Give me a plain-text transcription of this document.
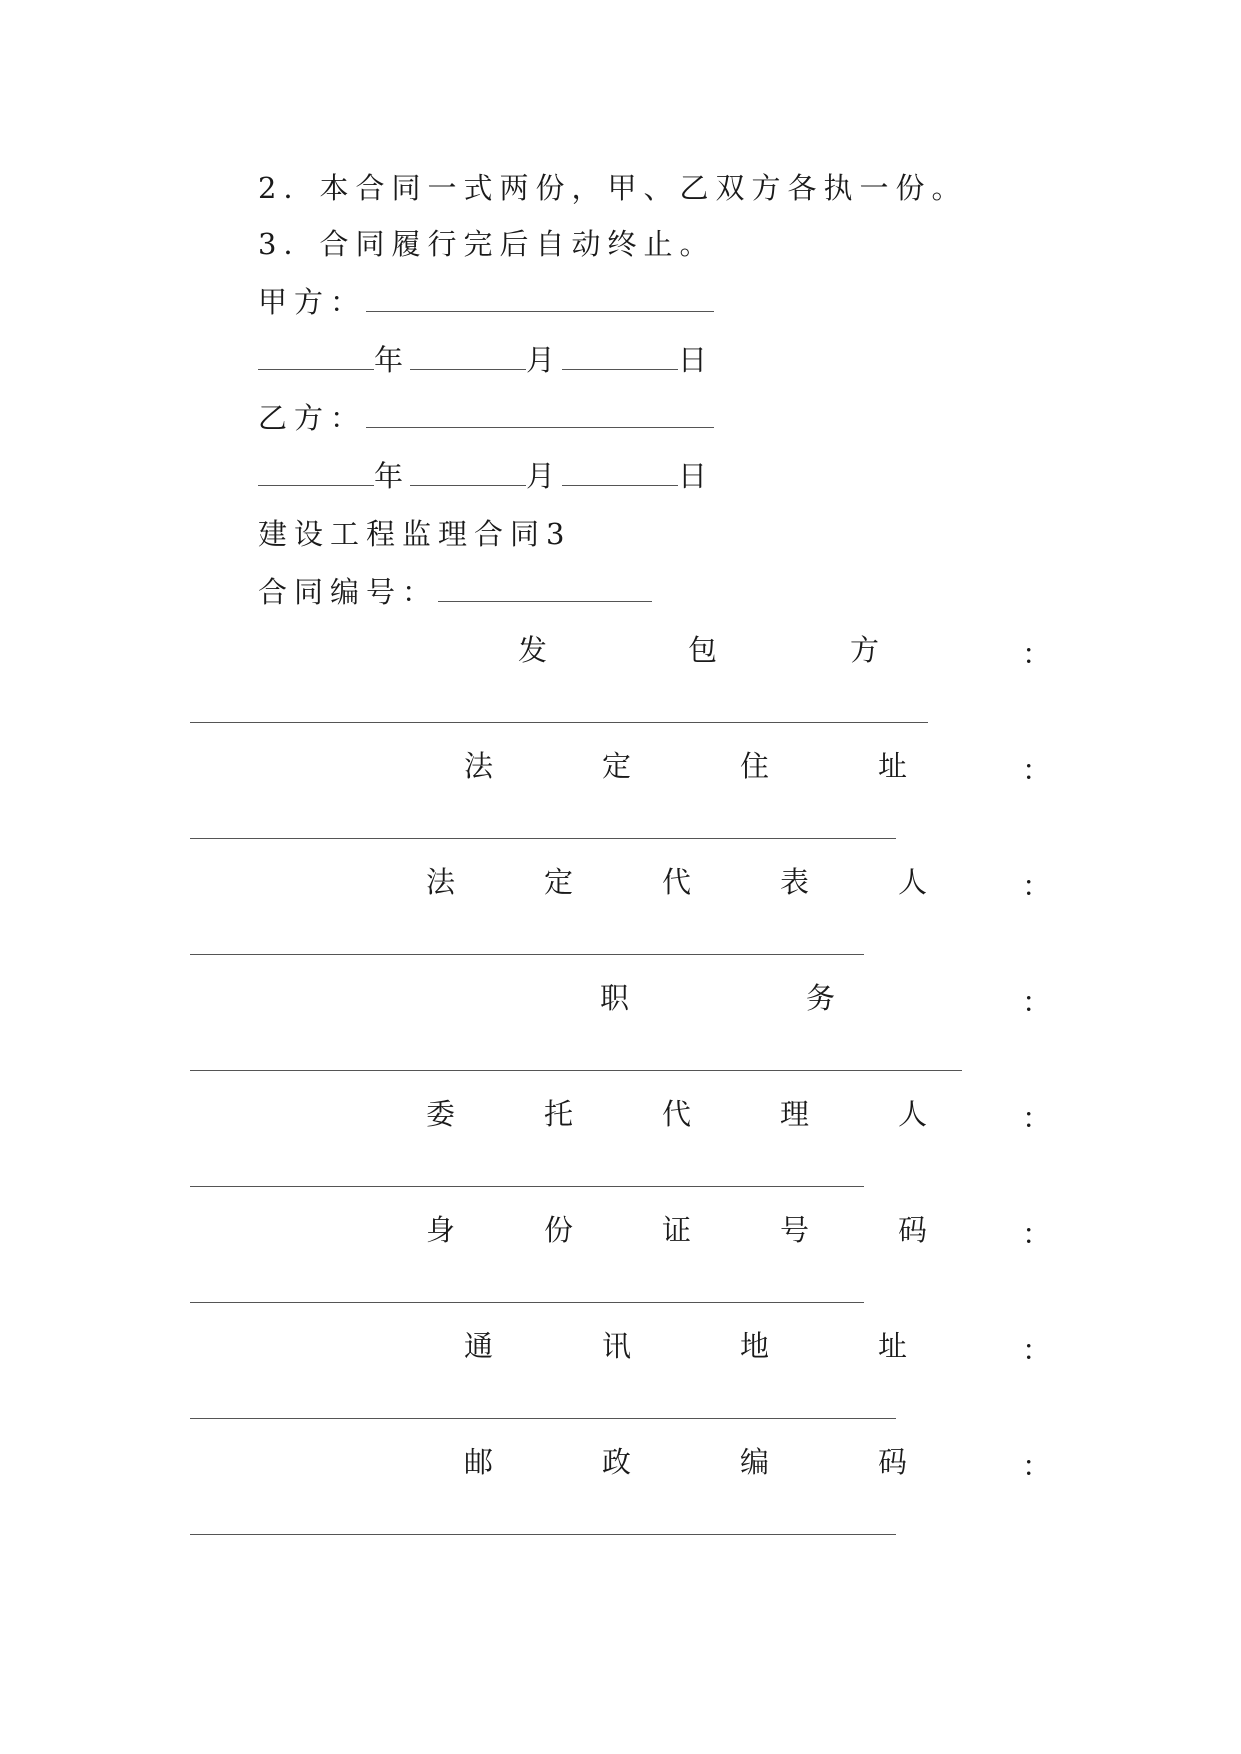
2．本合同一式两份，甲、乙双方各执一份。
3．合同履行完后自动终止。
甲方：
年	月	日
乙方：
年	月	日
建设工程监理合同3
合同编号：
发	包	方	：
法	定	住	址	：
法	定	代	表	人	：
职	务	：
委	托	代	理	人	：
身	份	证	号	码	：
通	讯	地	址	：
邮	政	编	码	：
